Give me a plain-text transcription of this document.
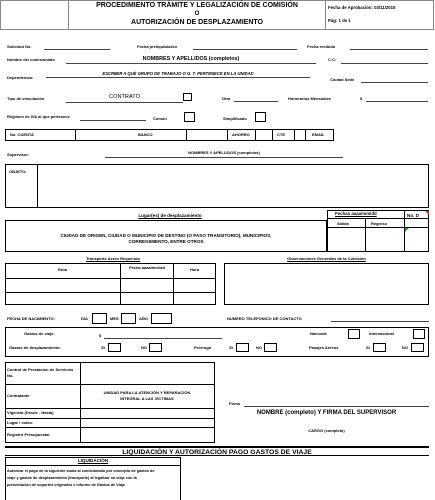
PROCEDIMIENTO TRÁMITE Y LEGALIZACIÓN DE COMISIÓN
O
AUTORIZACIÓN DE DESPLAZAMIENTO
Fecha de Aprobación: 03/11/2015
Pág: 1 de 1
Solicitud No.	Fecha preliquidación	Fecha recibido
Nombre del comisionado	NOMBRES Y APELLIDOS (completos)	C.C:
Dependencia:
ESCRIBIR A QUÉ GRUPO DE TRABAJO O G. T. PERTENECE EN LA UNIDAD
Ciudad Sede
Tipo de vinculación	CONTRATO	Otra	Honorarios Mensuales	$
Régimen de IVA al que pertenece	Común	Simplificado
No. CUENTA	BANCO	AHORRO	CTE	EMAIL
Supervisor:	NOMBRES Y APELLIDOS (completos)
OBJETO:
Lugar(es) de desplazamiento
CIUDAD DE ORIGEN, CIUDAD O MUNICIPIO DE DESTINO (O PASO TRANSITORIO), MUNICIPIOS, CORREGIMIENTO, ENTRE OTROS
Fechas aaaa/mm/dd
Salida	Regreso
No. D
Transporte Aéreo Requerido
Ruta	Fecha aaaa/mm/dd	Hora
Observaciones Generales de la Comisión
FECHA DE NACIMIENTO:	DIA	MES	AÑO	NUMERO TELEFONICO DE CONTACTO
Gastos de viaje:	$	Nacional	Internacional
Gastos de desplazamiento:	SI	NO	Prórroga	SI	NO	Pasajes Aéreos	SI	NO
Control de Prestación de Servicios No.
Contratante
UNIDAD PARA LA ATENCIÓN Y REPARACIÓN INTEGRAL A LAS VÍCTIMAS
Vigencia (Desde - Hasta)
Lugar / cobro
Registro Presupuestal
Firma
NOMBRE (completo) Y FIRMA DEL SUPERVISOR
CARGO (completo)
LIQUIDACIÓN Y AUTORIZACIÓN PAGO GASTOS DE VIAJE
LIQUIDACIÓN
Autorizar el pago de la siguiente suma al comisionado por concepto de gastos de
viaje y gastos de desplazamiento (transporte) al legalizar su viaje con la
presentación de soportes originales e informe de Gastos de Viaje
